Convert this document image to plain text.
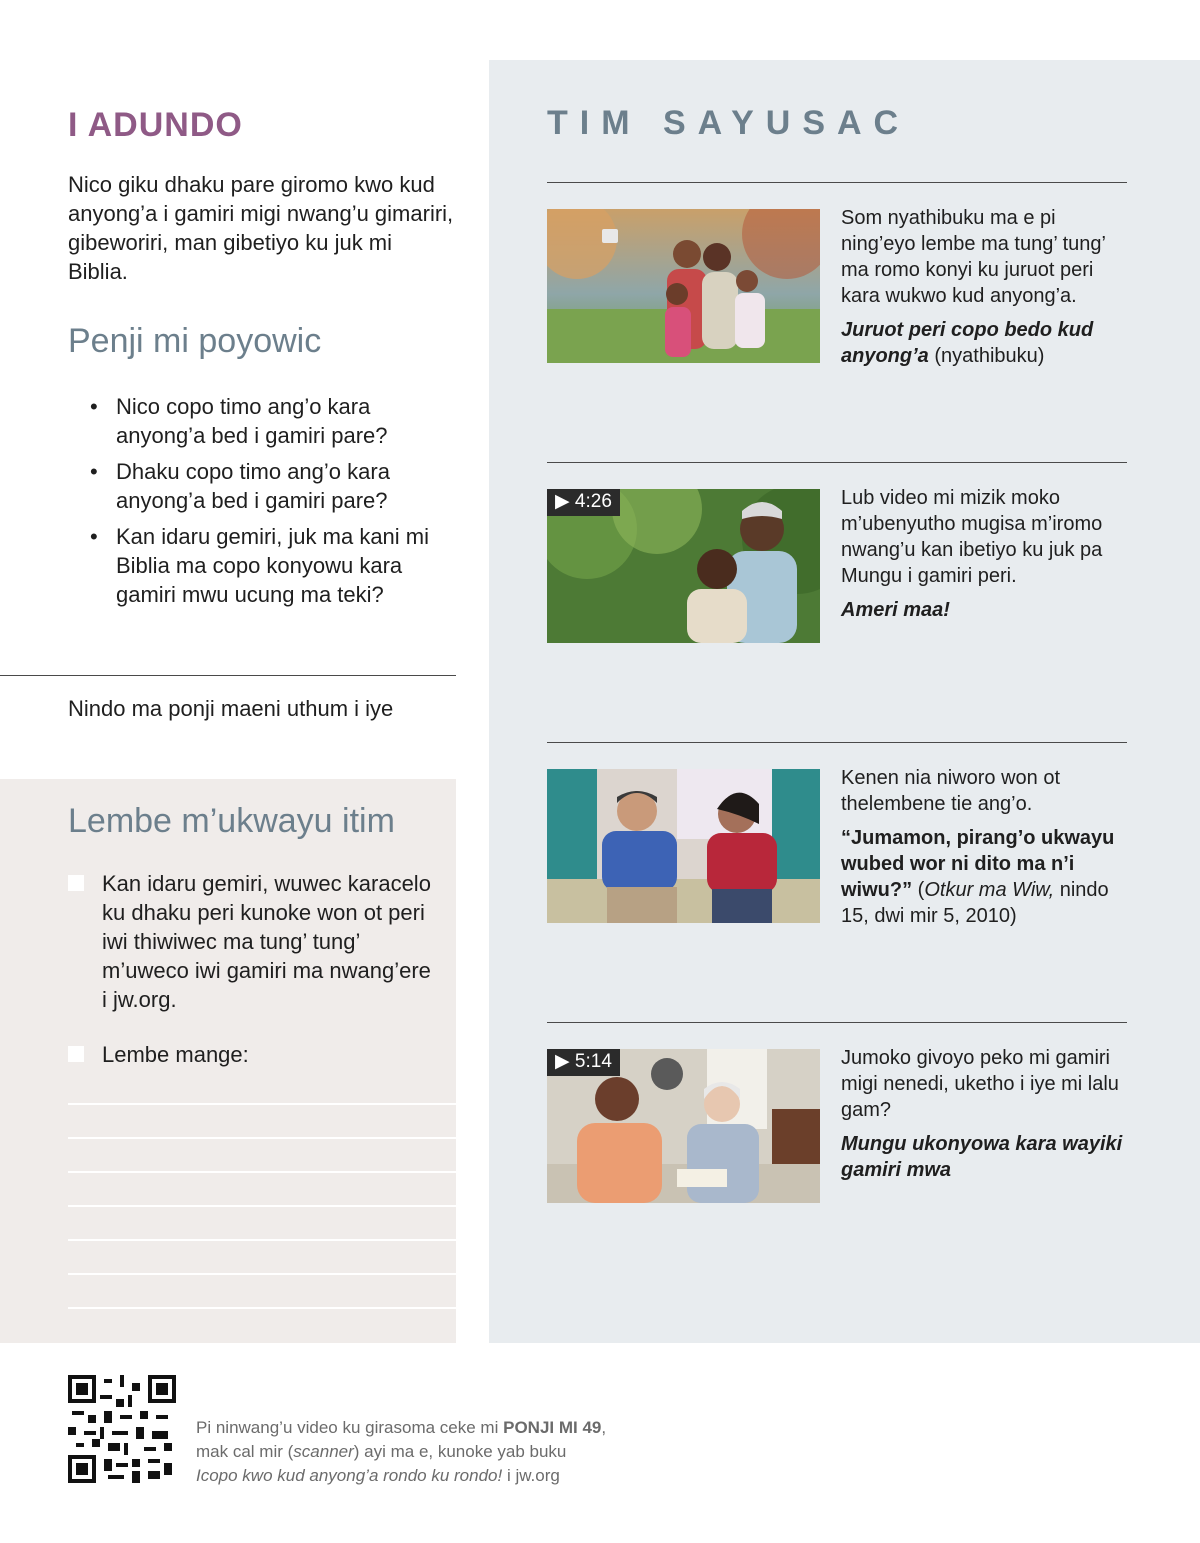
I ADUNDO
Nico giku dhaku pare giromo kwo kud anyong’a i gamiri migi nwang’u gimariri, gibeworiri, man gibetiyo ku juk mi Biblia.
Penji mi poyowic
• Nico copo timo ang’o kara anyong’a bed i gamiri pare?
• Dhaku copo timo ang’o kara anyong’a bed i gamiri pare?
• Kan idaru gemiri, juk ma kani mi Biblia ma copo konyowu kara gamiri mwu ucung ma teki?
Nindo ma ponji maeni uthum i iye
Lembe m’ukwayu itim
Kan idaru gemiri, wuwec karacelo ku dhaku peri kunoke won ot peri iwi thiwiwec ma tung’ tung’ m’uweco iwi gamiri ma nwang’ere i jw.org.
Lembe mange:
TIM SAYUSAC
Som nyathibuku ma e pi ning’eyo lembe ma tung’ tung’ ma romo konyi ku juruot peri kara wukwo kud anyong’a.
Juruot peri copo bedo kud anyong’a (nyathibuku)
▶ 4:26	Lub video mi mizik moko m’ubenyutho mugisa m’iromo nwang’u kan ibetiyo ku juk pa Mungu i gamiri peri.
Ameri maa!
Kenen nia niworo won ot thelembene tie ang’o.
“Jumamon, pirang’o ukwayu wubed wor ni dito ma n’i wiwu?” (Otkur ma Wiw, nindo 15, dwi mir 5, 2010)
▶ 5:14	Jumoko givoyo peko mi gamiri migi nenedi, uketho i iye mi lalu gam?
Mungu ukonyowa kara wayiki gamiri mwa
Pi ninwang’u video ku girasoma ceke mi PONJI MI 49,
mak cal mir (scanner) ayi ma e, kunoke yab buku
Icopo kwo kud anyong’a rondo ku rondo! i jw.org
